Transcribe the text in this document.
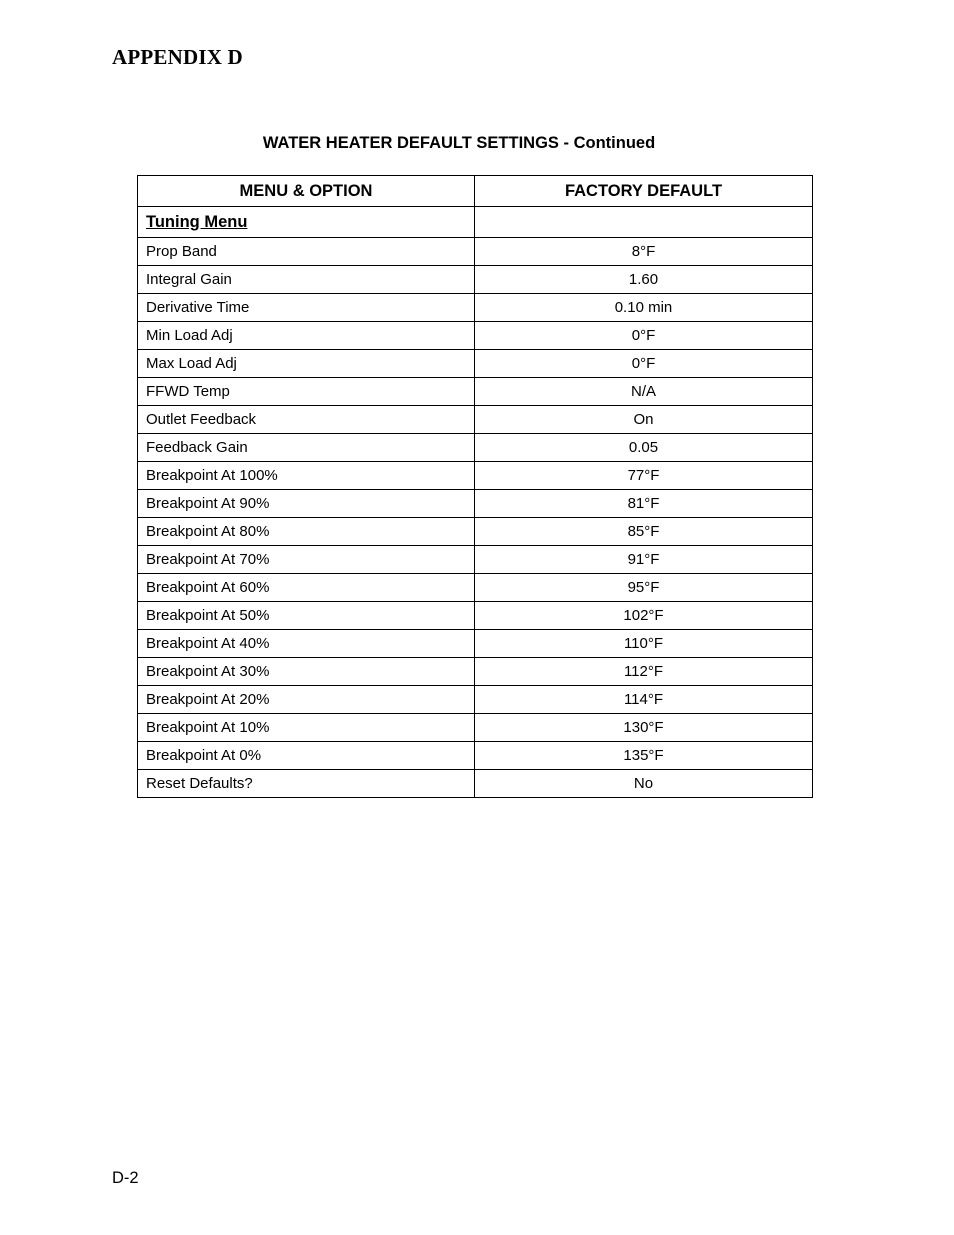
APPENDIX D
WATER HEATER DEFAULT SETTINGS - Continued
MENU & OPTION	FACTORY DEFAULT
Tuning Menu	
Prop Band	8°F
Integral Gain	1.60
Derivative Time	0.10 min
Min Load Adj	0°F
Max Load Adj	0°F
FFWD Temp	N/A
Outlet Feedback	On
Feedback Gain	0.05
Breakpoint At 100%	77°F
Breakpoint At 90%	81°F
Breakpoint At 80%	85°F
Breakpoint At 70%	91°F
Breakpoint At 60%	95°F
Breakpoint At 50%	102°F
Breakpoint At 40%	110°F
Breakpoint At 30%	112°F
Breakpoint At 20%	114°F
Breakpoint At 10%	130°F
Breakpoint At 0%	135°F
Reset Defaults?	No

D-2
